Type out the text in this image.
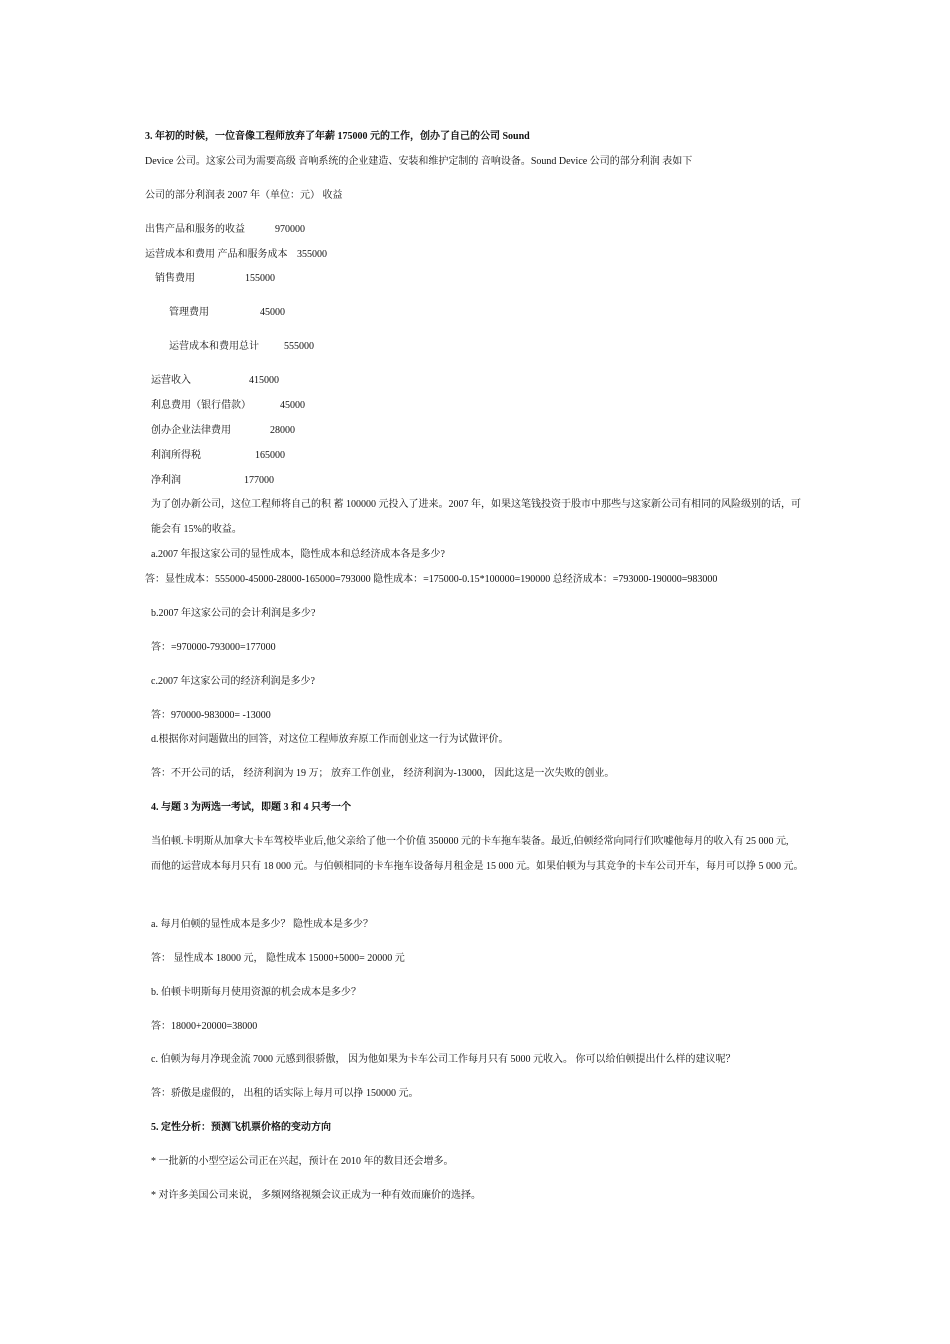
3. 年初的时候，一位音像工程师放弃了年薪 175000 元的工作，创办了自己的公司 Sound
Device 公司。这家公司为需要高级 音响系统的企业建造、安装和维护定制的 音响设备。Sound Device 公司的部分利润 表如下
公司的部分利润表 2007 年（单位：元） 收益
出售产品和服务的收益	970000
运营成本和费用 产品和服务成本 355000
销售费用	155000
管理费用	45000
运营成本和费用总计	555000
运营收入	415000
利息费用（银行借款）	45000
创办企业法律费用	28000
利润所得税	165000
净利润	177000
为了创办新公司，这位工程师将自己的积 蓄 100000 元投入了进来。2007 年，如果这笔钱投资于股市中那些与这家新公司有相同的风险级别的话，可
能会有 15%的收益。
a.2007 年报这家公司的显性成本，隐性成本和总经济成本各是多少?
答：显性成本：555000-45000-28000-165000=793000 隐性成本：=175000-0.15*100000=190000 总经济成本：=793000-190000=983000
b.2007 年这家公司的会计利润是多少?
答：=970000-793000=177000
c.2007 年这家公司的经济利润是多少?
答：970000-983000= -13000
d.根据你对问题做出的回答，对这位工程师放弃原工作而创业这一行为试做评价。
答：不开公司的话， 经济利润为 19 万； 放弃工作创业， 经济利润为-13000， 因此这是一次失败的创业。
4. 与题 3 为两选一考试，即题 3 和 4 只考一个
当伯顿.卡明斯从加拿大卡车驾校毕业后,他父亲给了他一个价值 350000 元的卡车拖车装备。最近,伯顿经常向同行们吹嘘他每月的收入有 25 000 元,
而他的运营成本每月只有 18 000 元。与伯顿相同的卡车拖车设备每月租金是 15 000 元。如果伯顿为与其竞争的卡车公司开车，每月可以挣 5 000 元。
a. 每月伯顿的显性成本是多少？ 隐性成本是多少？
答： 显性成本 18000 元， 隐性成本 15000+5000= 20000 元
b. 伯顿卡明斯每月使用资源的机会成本是多少？
答：18000+20000=38000
c. 伯顿为每月净现金流 7000 元感到很骄傲， 因为他如果为卡车公司工作每月只有 5000 元收入。 你可以给伯顿提出什么样的建议呢？
答：骄傲是虚假的， 出租的话实际上每月可以挣 150000 元。
5. 定性分析：预测飞机票价格的变动方向
* 一批新的小型空运公司正在兴起，预计在 2010 年的数目还会增多。
* 对许多美国公司来说， 多频网络视频会议正成为一种有效而廉价的选择。
